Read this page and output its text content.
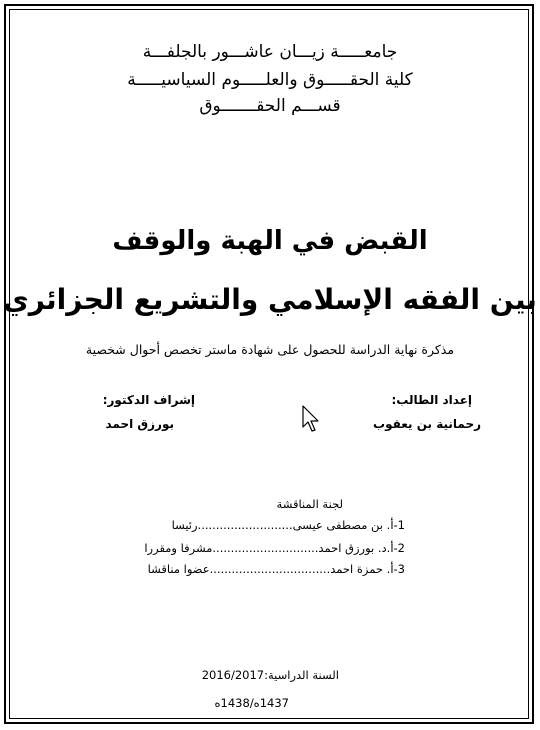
جامعـــــة زيـــان عاشـــور بالجلفـــة
كلية الحقـــــوق والعلـــــوم السياسيـــــة
قســـم الحقـــــــوق
القبض في الهبة والوقف
بين الفقه الإسلامي والتشريع الجزائري
مذكرة نهاية الدراسة للحصول على شهادة ماستر تخصص أحوال شخصية
إعداد الطالب:
رحمانية بن يعقوب
إشراف الدكتور:
بورزق احمد
لجنة المناقشة
1-أ. بن مصطفى عيسى..........................رئيسا
2-أ.د. بورزق احمد.............................مشرفا ومقررا
3-أ. حمزة احمد.................................عضوا مناقشا
السنة الدراسية:2016/2017
1437ه/1438ه
